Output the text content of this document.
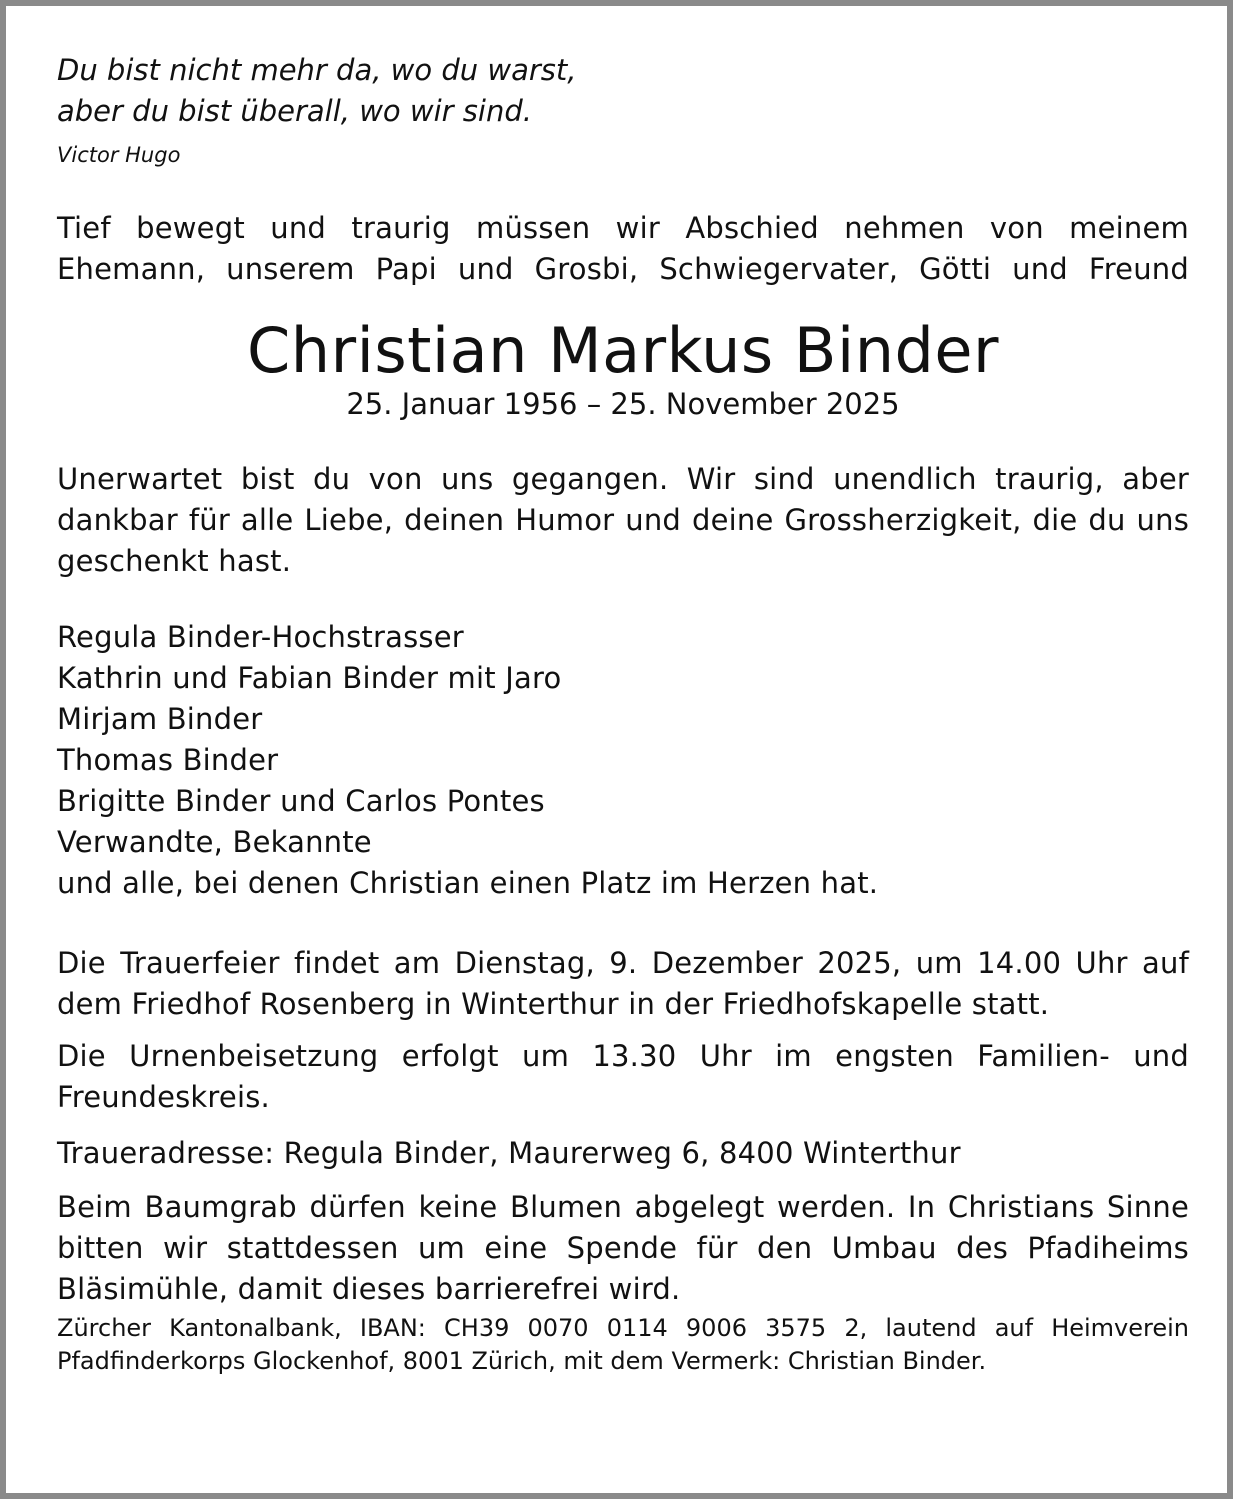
Du bist nicht mehr da, wo du warst,
aber du bist überall, wo wir sind.

Victor Hugo
Tief bewegt und traurig müssen wir Abschied nehmen von meinem
Ehemann, unserem Papi und Grosbi, Schwiegervater, Götti und Freund
Christian Markus Binder
25. Januar 1956 – 25. November 2025
Unerwartet bist du von uns gegangen. Wir sind unendlich traurig, aber dankbar für alle Liebe, deinen Humor und deine Grossherzigkeit, die du uns geschenkt hast.
Regula Binder-Hochstrasser
Kathrin und Fabian Binder mit Jaro
Mirjam Binder
Thomas Binder
Brigitte Binder und Carlos Pontes
Verwandte, Bekannte
und alle, bei denen Christian einen Platz im Herzen hat.
Die Trauerfeier findet am Dienstag, 9. Dezember 2025, um 14.00 Uhr auf dem Friedhof Rosenberg in Winterthur in der Friedhofskapelle statt.
Die Urnenbeisetzung erfolgt um 13.30 Uhr im engsten Familien- und Freundeskreis.
Traueradresse: Regula Binder, Maurerweg 6, 8400 Winterthur
Beim Baumgrab dürfen keine Blumen abgelegt werden. In Christians Sinne bitten wir stattdessen um eine Spende für den Umbau des Pfadiheims Bläsimühle, damit dieses barrierefrei wird.
Zürcher Kantonalbank, IBAN: CH39 0070 0114 9006 3575 2, lautend auf Heimverein Pfadfinderkorps Glockenhof, 8001 Zürich, mit dem Vermerk: Christian Binder.
